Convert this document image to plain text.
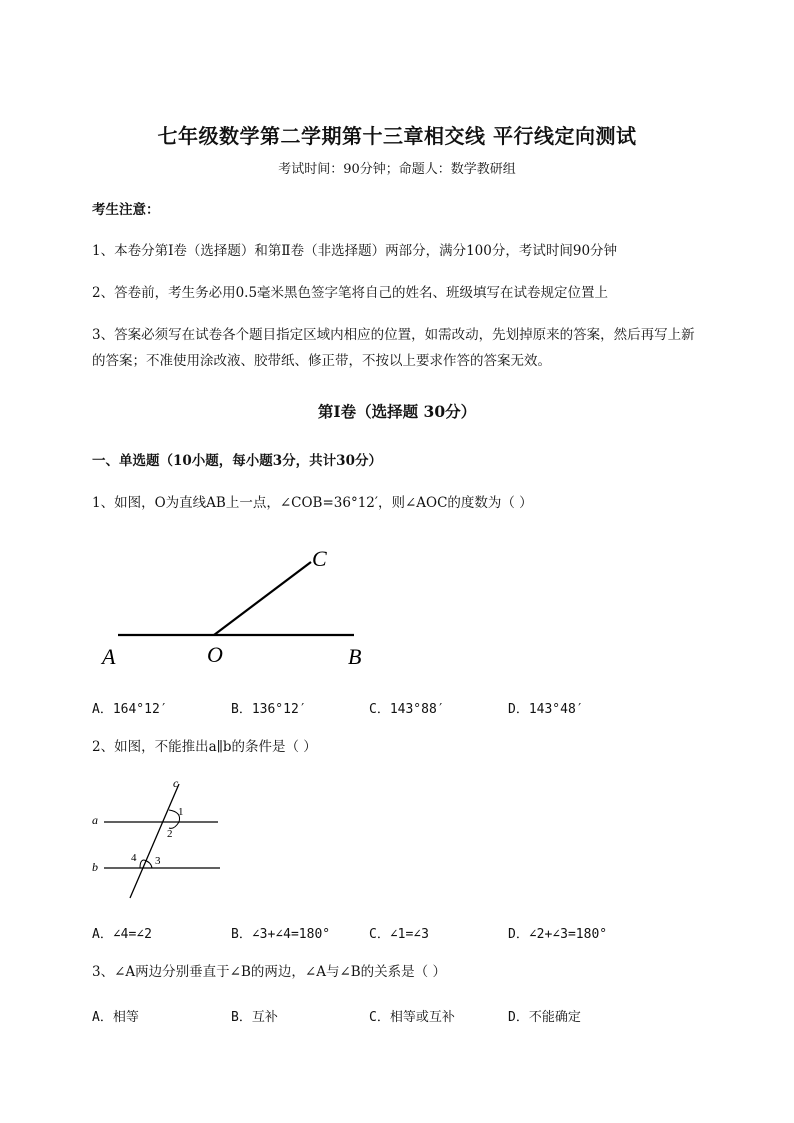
七年级数学第二学期第十三章相交线 平行线定向测试
考试时间：90分钟；命题人：数学教研组
考生注意：
1、本卷分第Ⅰ卷（选择题）和第Ⅱ卷（非选择题）两部分，满分100分，考试时间90分钟
2、答卷前，考生务必用0.5毫米黑色签字笔将自己的姓名、班级填写在试卷规定位置上
3、答案必须写在试卷各个题目指定区域内相应的位置，如需改动，先划掉原来的答案，然后再写上新
的答案；不准使用涂改液、胶带纸、修正带，不按以上要求作答的答案无效。
第Ⅰ卷（选择题 30分）
一、单选题（10小题，每小题3分，共计30分）
1、如图，O为直线AB上一点，∠COB=36°12′，则∠AOC的度数为（ ）
A	O	B
C
A．164°12′	B．136°12′	C．143°88′	D．143°48′
2、如图，不能推出a∥b的条件是（ ）
a
b
c
1
2
3
4
A．∠4=∠2	B．∠3+∠4=180°	C．∠1=∠3	D．∠2+∠3=180°
3、∠A两边分别垂直于∠B的两边，∠A与∠B的关系是（ ）
A．相等	B．互补	C．相等或互补	D．不能确定
